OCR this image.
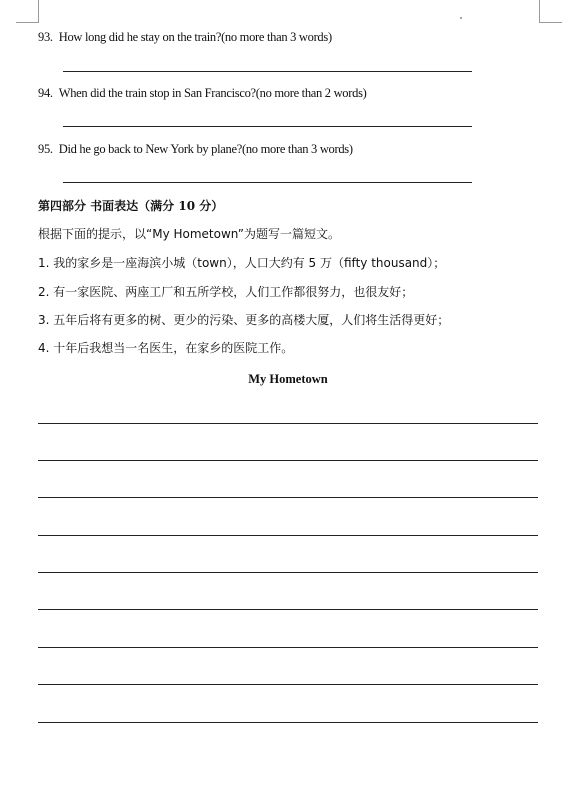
93. How long did he stay on the train?(no more than 3 words)
94. When did the train stop in San Francisco?(no more than 2 words)
95. Did he go back to New York by plane?(no more than 3 words)
第四部分 书面表达（满分 10 分）
根据下面的提示，以“My Hometown”为题写一篇短文。
1. 我的家乡是一座海滨小城（town），人口大约有 5 万（fifty thousand）；
2. 有一家医院、两座工厂和五所学校，人们工作都很努力，也很友好；
3. 五年后将有更多的树、更少的污染、更多的高楼大厦，人们将生活得更好；
4. 十年后我想当一名医生，在家乡的医院工作。
My Hometown
